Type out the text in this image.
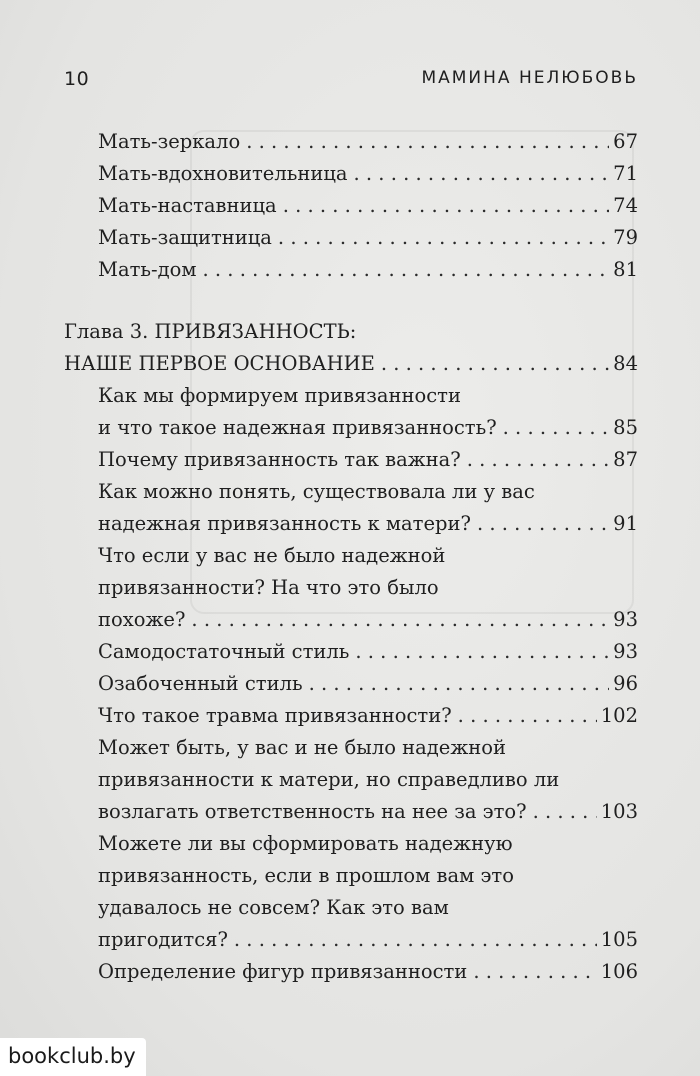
10	МАМИНА НЕЛЮБОВЬ
Мать-зеркало . . .	67
Мать-вдохновительница . . .	71
Мать-наставница . . .	74
Мать-защитница . . .	79
Мать-дом . . .	81
Глава 3. ПРИВЯЗАННОСТЬ:
НАШЕ ПЕРВОЕ ОСНОВАНИЕ . . .	84
Как мы формируем привязанности
и что такое надежная привязанность? . . .	85
Почему привязанность так важна? . . .	87
Как можно понять, существовала ли у вас
надежная привязанность к матери? . . .	91
Что если у вас не было надежной
привязанности? На что это было
похоже? . . .	93
Самодостаточный стиль . . .	93
Озабоченный стиль . . .	96
Что такое травма привязанности? . . .	102
Может быть, у вас и не было надежной
привязанности к матери, но справедливо ли
возлагать ответственность на нее за это? . . .	103
Можете ли вы сформировать надежную
привязанность, если в прошлом вам это
удавалось не совсем? Как это вам
пригодится? . . .	105
Определение фигур привязанности . . .	106
bookclub.by
